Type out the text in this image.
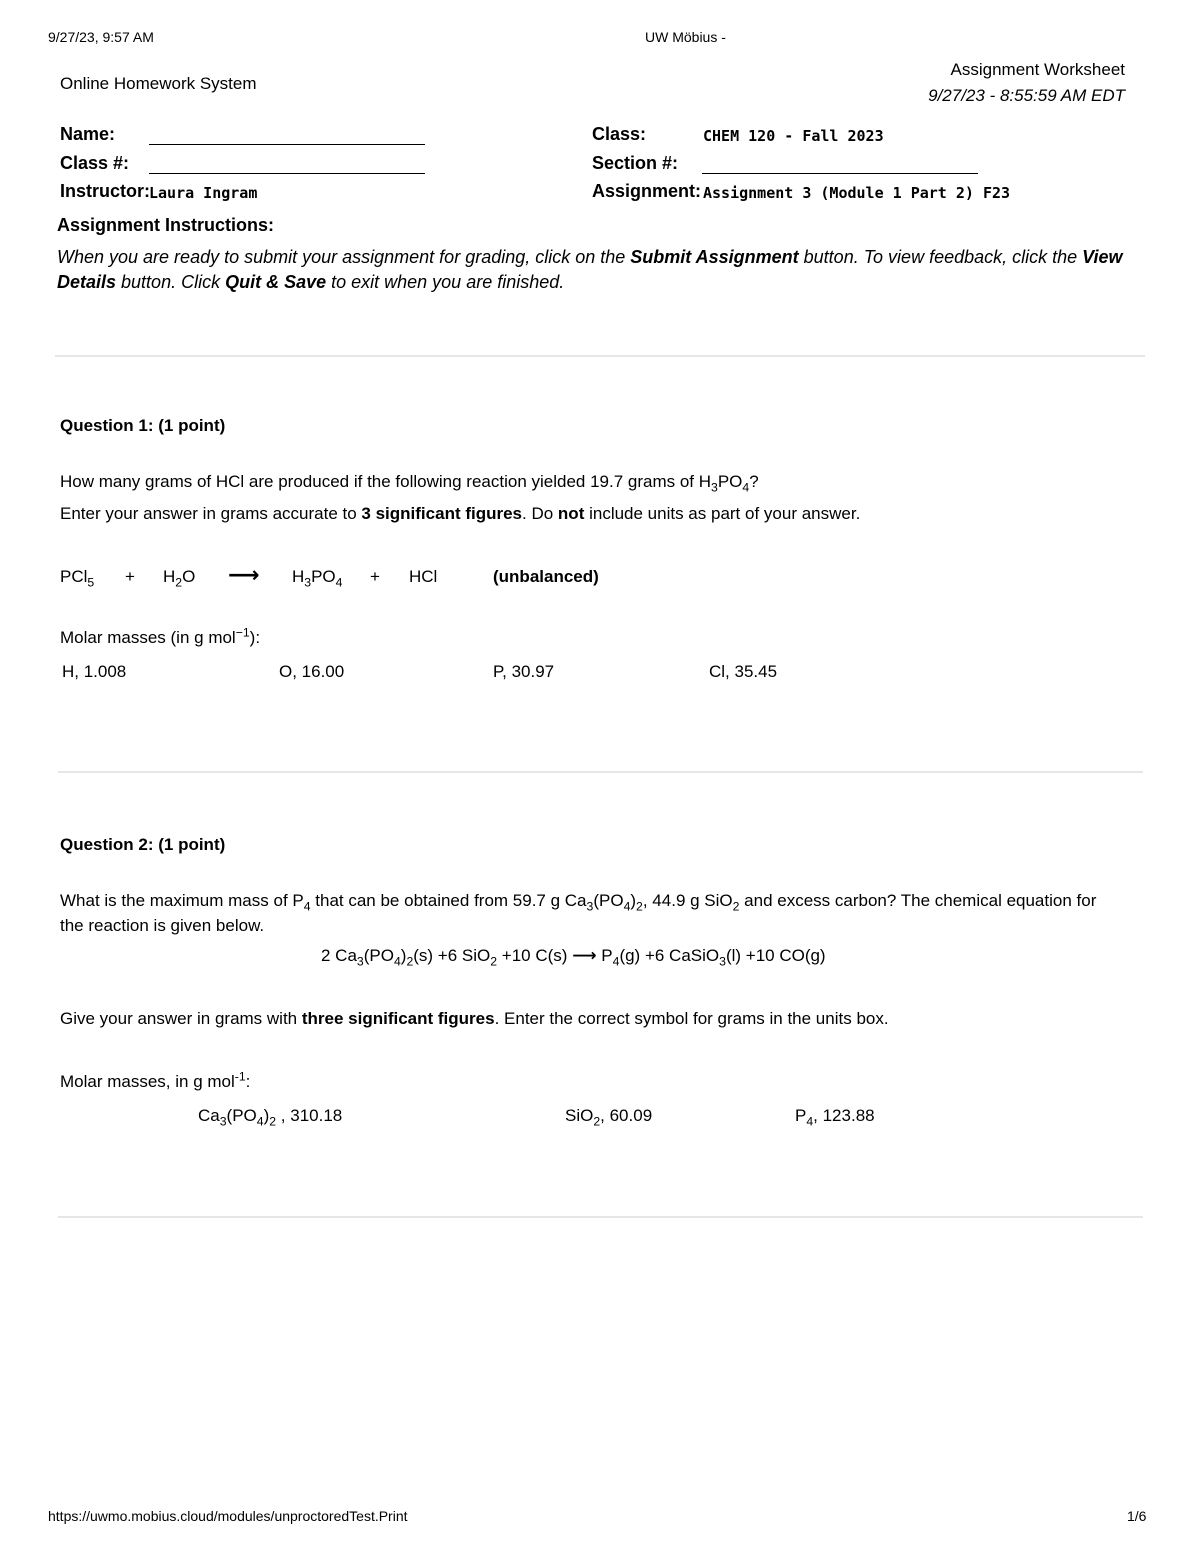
9/27/23, 9:57 AM	UW Möbius -
Online Homework System
Assignment Worksheet
9/27/23 - 8:55:59 AM EDT
Name:
Class #:
Instructor: Laura Ingram
Class:	CHEM 120 - Fall 2023
Section #:
Assignment: Assignment 3 (Module 1 Part 2) F23
Assignment Instructions:
When you are ready to submit your assignment for grading, click on the Submit Assignment button. To view feedback, click the View
Details button. Click Quit & Save to exit when you are finished.
Question 1: (1 point)
How many grams of HCl are produced if the following reaction yielded 19.7 grams of $H_3PO_4$?
Enter your answer in grams accurate to 3 significant figures. Do not include units as part of your answer.
$PCl_5 + H_2O$ ⟶ $H_3PO_4$ + HCl	(unbalanced)
Molar masses (in g mol$^{-1}$):
H, 1.008	O, 16.00	P, 30.97	Cl, 35.45
Question 2: (1 point)
What is the maximum mass of $P_4$ that can be obtained from 59.7 g $Ca_3(PO_4)_2$, 44.9 g SiO$_2$ and excess carbon? The chemical equation for
the reaction is given below.
2 $Ca_3(PO_4)_2(s) +6$ SiO$_2$ +10 C(s) ⟶ $P_4(g) +6$ CaSiO$_3$(l) +10 CO(g)
Give your answer in grams with three significant figures. Enter the correct symbol for grams in the units box.
Molar masses, in g mol$^{-1}$:
$Ca_3(PO_4)_2$ , 310.18	SiO$_2$, 60.09	$P_4$, 123.88
https://uwmo.mobius.cloud/modules/unproctoredTest.Print	1/6
